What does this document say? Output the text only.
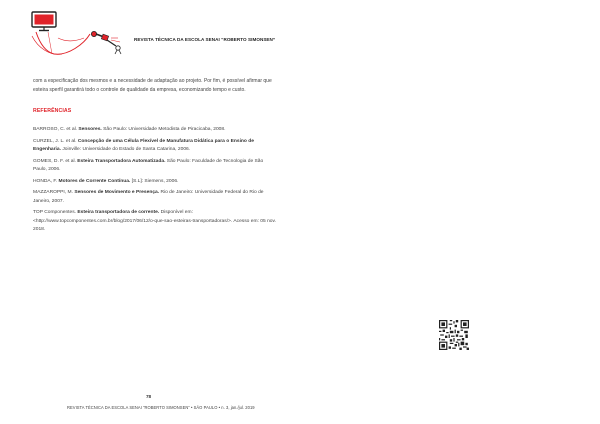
REVISTA TÉCNICA DA ESCOLA SENAI “ROBERTO SIMONSEN”
com a especificação dos mesmos e a necessidade de adaptação ao projeto. Por fim, é possível afirmar que esteira sperfil garantirá todo o controle de qualidade da empresa, economizando tempo e custo.
REFERÊNCIAS

BARROSO, C. et al. Sensores. São Paulo: Universidade Metodista de Piracicaba, 2008.

CURZEL, J. L. et al. Concepção de uma Célula Flexível de Manufatura Didática para o Ensino de Engenharia. Joinville: Universidade do Estado de Santa Catarina, 2006.

GOMES, D. F. et al. Esteira Transportadora Automatizada. São Paulo: Faculdade de Tecnologia de São Paulo, 2006.

HONDA, F. Motores de Corrente Contínua. [S.L]: Siemens, 2006.

MAZZAROPPI, M. Sensores de Movimento e Presença. Rio de Janeiro: Universidade Federal do Rio de Janeiro, 2007.

TOP Componentes. Esteira transportadora de corrente. Disponível em: <http://www.topcomponentes.com.br/blog/2017/06/12/o-que-sao-esteiras-transportadoras/>. Acesso em: 05 nov. 2018.

78
REVISTA TÉCNICA DA ESCOLA SENAI “ROBERTO SIMONSEN” • SÃO PAULO • n. 3, jan./jul. 2019
